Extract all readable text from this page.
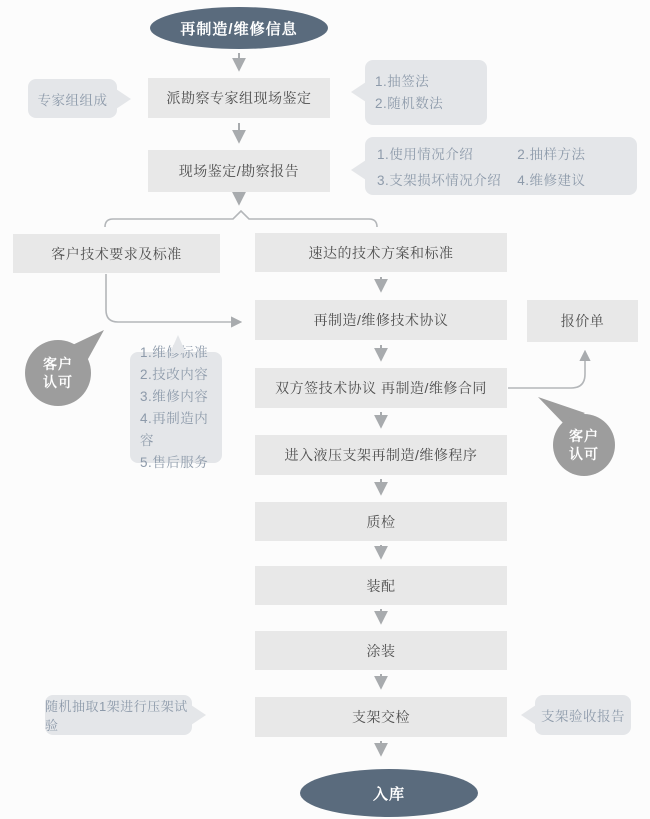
再制造/维修信息
专家组组成	派勘察专家组现场鉴定
1.抽签法
2.随机数法
现场鉴定/勘察报告
1.使用情况介绍	2.抽样方法
3.支架损坏情况介绍 4.维修建议
客户技术要求及标准	速达的技术方案和标准
再制造/维修技术协议	报价单
客户
认可
1.维修标准
2.技改内容
3.维修内容
4.再制造内容
5.售后服务
双方签技术协议 再制造/维修合同
客户
认可
进入液压支架再制造/维修程序
质检
装配
涂装
随机抽取1架进行压架试验
支架交检	支架验收报告
入库
